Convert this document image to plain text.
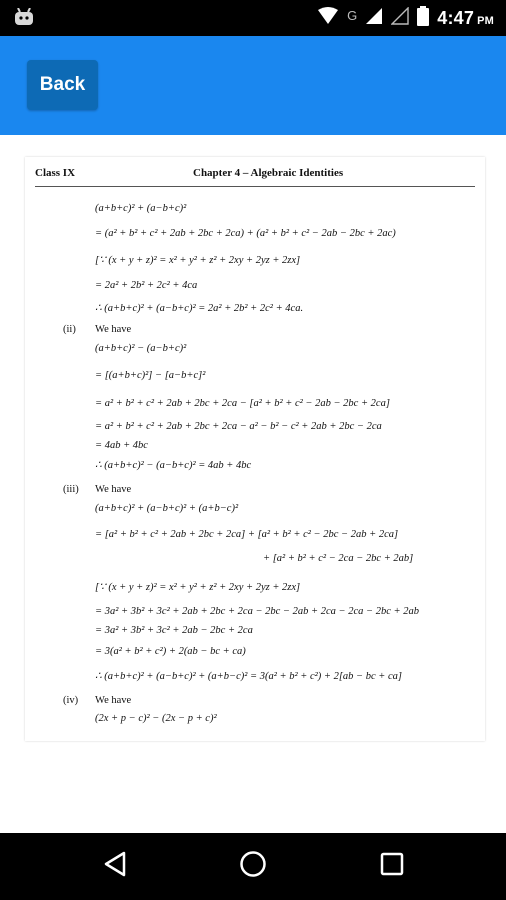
G	4:47 PM
Back
Class IX	Chapter 4 – Algebraic Identities
(a+b+c)² + (a−b+c)²
= (a² + b² + c² + 2ab + 2bc + 2ca) + (a² + b² + c² − 2ab − 2bc + 2ac)
[∵ (x + y + z)² = x² + y² + z² + 2xy + 2yz + 2zx]
= 2a² + 2b² + 2c² + 4ca
∴ (a+b+c)² + (a−b+c)² = 2a² + 2b² + 2c² + 4ca.
(ii) We have
(a+b+c)² − (a−b+c)²
= [(a+b+c)²] − [a−b+c]²
= a² + b² + c² + 2ab + 2bc + 2ca − [a² + b² + c² − 2ab − 2bc + 2ca]
= a² + b² + c² + 2ab + 2bc + 2ca − a² − b² − c² + 2ab + 2bc − 2ca
= 4ab + 4bc
∴ (a+b+c)² − (a−b+c)² = 4ab + 4bc
(iii) We have
(a+b+c)² + (a−b+c)² + (a+b−c)²
= [a² + b² + c² + 2ab + 2bc + 2ca] + [a² + b² + c² − 2bc − 2ab + 2ca]
+ [a² + b² + c² − 2ca − 2bc + 2ab]
[∵ (x + y + z)² = x² + y² + z² + 2xy + 2yz + 2zx]
= 3a² + 3b² + 3c² + 2ab + 2bc + 2ca − 2bc − 2ab + 2ca − 2ca − 2bc + 2ab
= 3a² + 3b² + 3c² + 2ab − 2bc + 2ca
= 3(a² + b² + c²) + 2(ab − bc + ca)
∴ (a+b+c)² + (a−b+c)² + (a+b−c)² = 3(a² + b² + c²) + 2[ab − bc + ca]
(iv) We have
(2x + p − c)² − (2x − p + c)²
